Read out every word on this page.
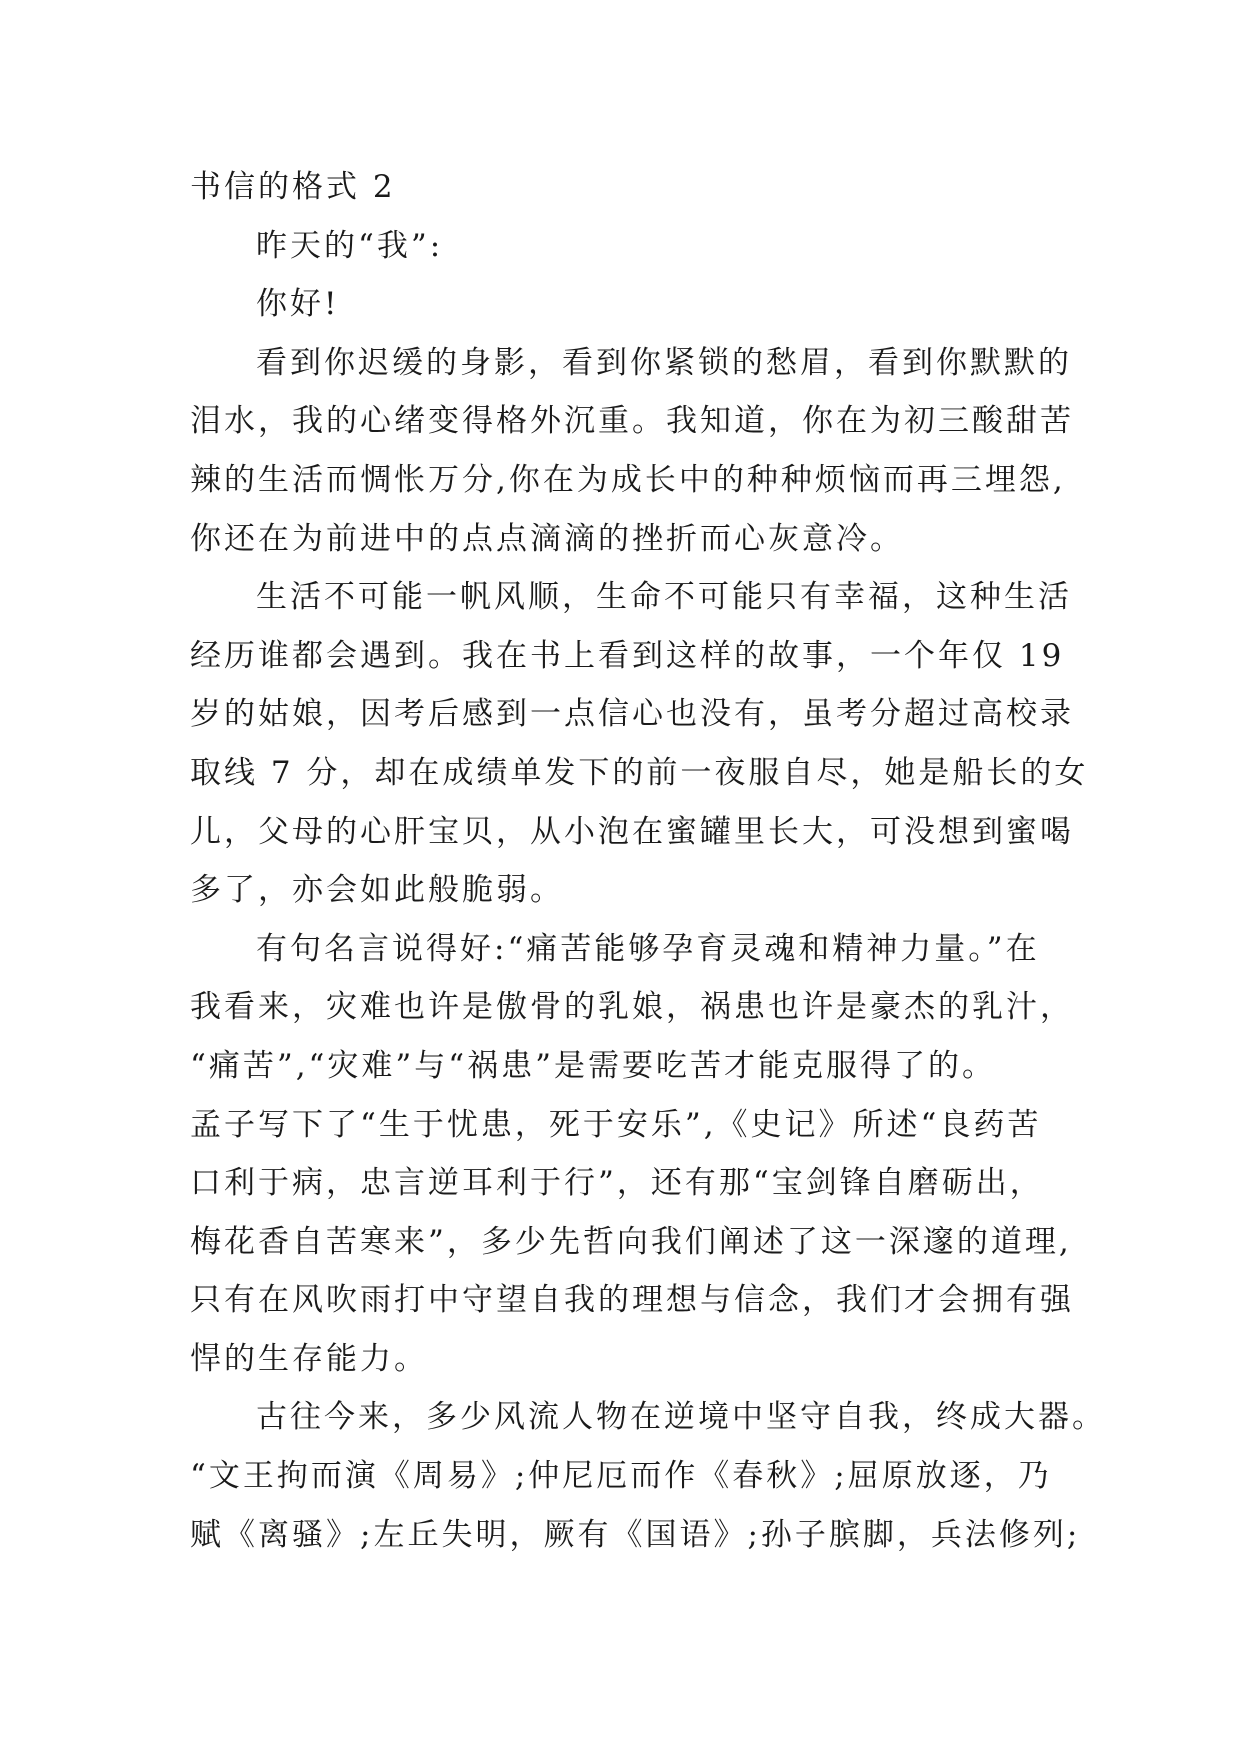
书信的格式 2
昨天的“我”:
你好!
看到你迟缓的身影，看到你紧锁的愁眉，看到你默默的
泪水，我的心绪变得格外沉重。我知道，你在为初三酸甜苦
辣的生活而惆怅万分,你在为成长中的种种烦恼而再三埋怨,
你还在为前进中的点点滴滴的挫折而心灰意冷。
生活不可能一帆风顺，生命不可能只有幸福，这种生活
经历谁都会遇到。我在书上看到这样的故事，一个年仅 19
岁的姑娘，因考后感到一点信心也没有，虽考分超过高校录
取线 7 分，却在成绩单发下的前一夜服自尽，她是船长的女
儿，父母的心肝宝贝，从小泡在蜜罐里长大，可没想到蜜喝
多了，亦会如此般脆弱。
有句名言说得好:“痛苦能够孕育灵魂和精神力量。”在
我看来，灾难也许是傲骨的乳娘，祸患也许是豪杰的乳汁，
“痛苦”,“灾难”与“祸患”是需要吃苦才能克服得了的。
孟子写下了“生于忧患，死于安乐”,《史记》所述“良药苦
口利于病，忠言逆耳利于行”，还有那“宝剑锋自磨砺出，
梅花香自苦寒来”，多少先哲向我们阐述了这一深邃的道理,
只有在风吹雨打中守望自我的理想与信念，我们才会拥有强
悍的生存能力。
古往今来，多少风流人物在逆境中坚守自我，终成大器。
“文王拘而演《周易》;仲尼厄而作《春秋》;屈原放逐，乃
赋《离骚》;左丘失明，厥有《国语》;孙子膑脚，兵法修列;
